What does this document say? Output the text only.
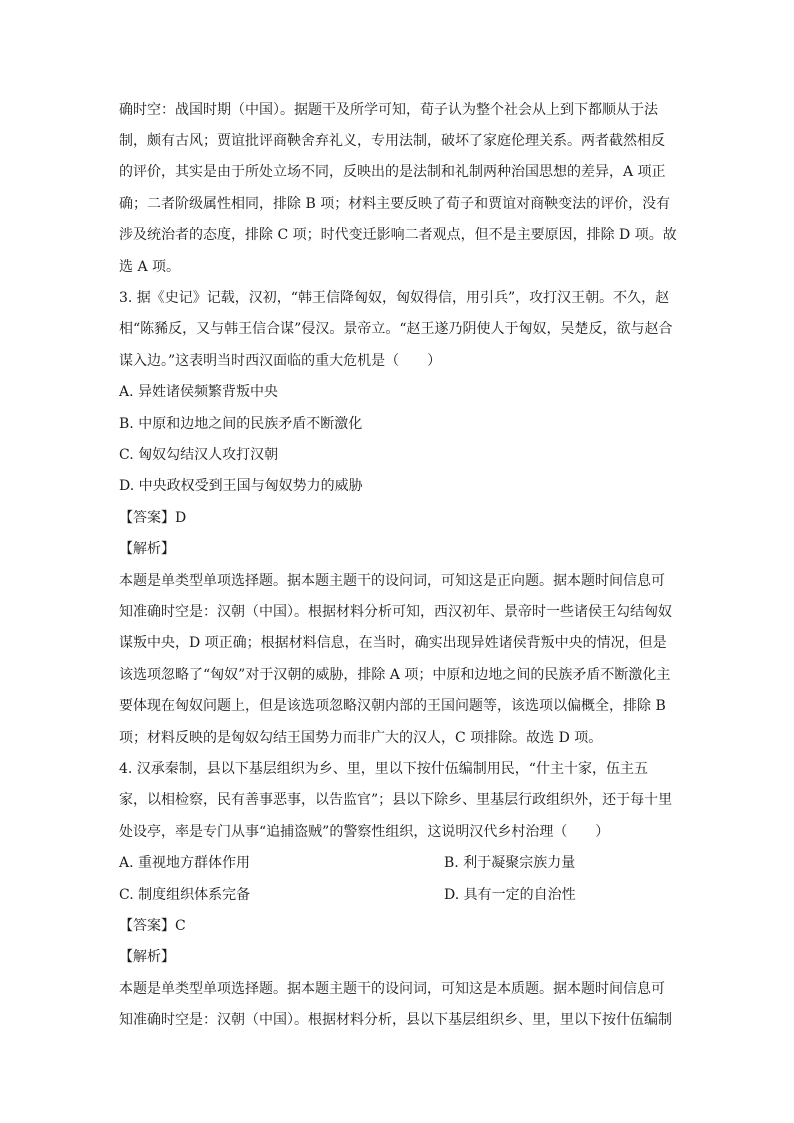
确时空：战国时期（中国）。据题干及所学可知，荀子认为整个社会从上到下都顺从于法
制，颇有古风；贾谊批评商鞅舍弃礼义，专用法制，破坏了家庭伦理关系。两者截然相反
的评价，其实是由于所处立场不同，反映出的是法制和礼制两种治国思想的差异，A 项正
确；二者阶级属性相同，排除 B 项；材料主要反映了荀子和贾谊对商鞅变法的评价，没有
涉及统治者的态度，排除 C 项；时代变迁影响二者观点，但不是主要原因，排除 D 项。故
选 A 项。
3. 据《史记》记载，汉初，“韩王信降匈奴，匈奴得信，用引兵”，攻打汉王朝。不久，赵
相“陈豨反，又与韩王信合谋”侵汉。景帝立。“赵王遂乃阴使人于匈奴，吴楚反，欲与赵合
谋入边。”这表明当时西汉面临的重大危机是（　　）
A. 异姓诸侯频繁背叛中央
B. 中原和边地之间的民族矛盾不断激化
C. 匈奴勾结汉人攻打汉朝
D. 中央政权受到王国与匈奴势力的威胁
【答案】D
【解析】
本题是单类型单项选择题。据本题主题干的设问词，可知这是正向题。据本题时间信息可
知准确时空是：汉朝（中国）。根据材料分析可知，西汉初年、景帝时一些诸侯王勾结匈奴
谋叛中央，D 项正确；根据材料信息，在当时，确实出现异姓诸侯背叛中央的情况，但是
该选项忽略了“匈奴”对于汉朝的威胁，排除 A 项；中原和边地之间的民族矛盾不断激化主
要体现在匈奴问题上，但是该选项忽略汉朝内部的王国问题等，该选项以偏概全，排除 B
项；材料反映的是匈奴勾结王国势力而非广大的汉人，C 项排除。故选 D 项。
4. 汉承秦制，县以下基层组织为乡、里，里以下按什伍编制用民，“什主十家，伍主五
家，以相检察，民有善事恶事，以告监官”；县以下除乡、里基层行政组织外，还于每十里
处设亭，率是专门从事“追捕盗贼”的警察性组织，这说明汉代乡村治理（　　）
A. 重视地方群体作用	B. 利于凝聚宗族力量
C. 制度组织体系完备	D. 具有一定的自治性
【答案】C
【解析】
本题是单类型单项选择题。据本题主题干的设问词，可知这是本质题。据本题时间信息可
知准确时空是：汉朝（中国）。根据材料分析，县以下基层组织乡、里，里以下按什伍编制
